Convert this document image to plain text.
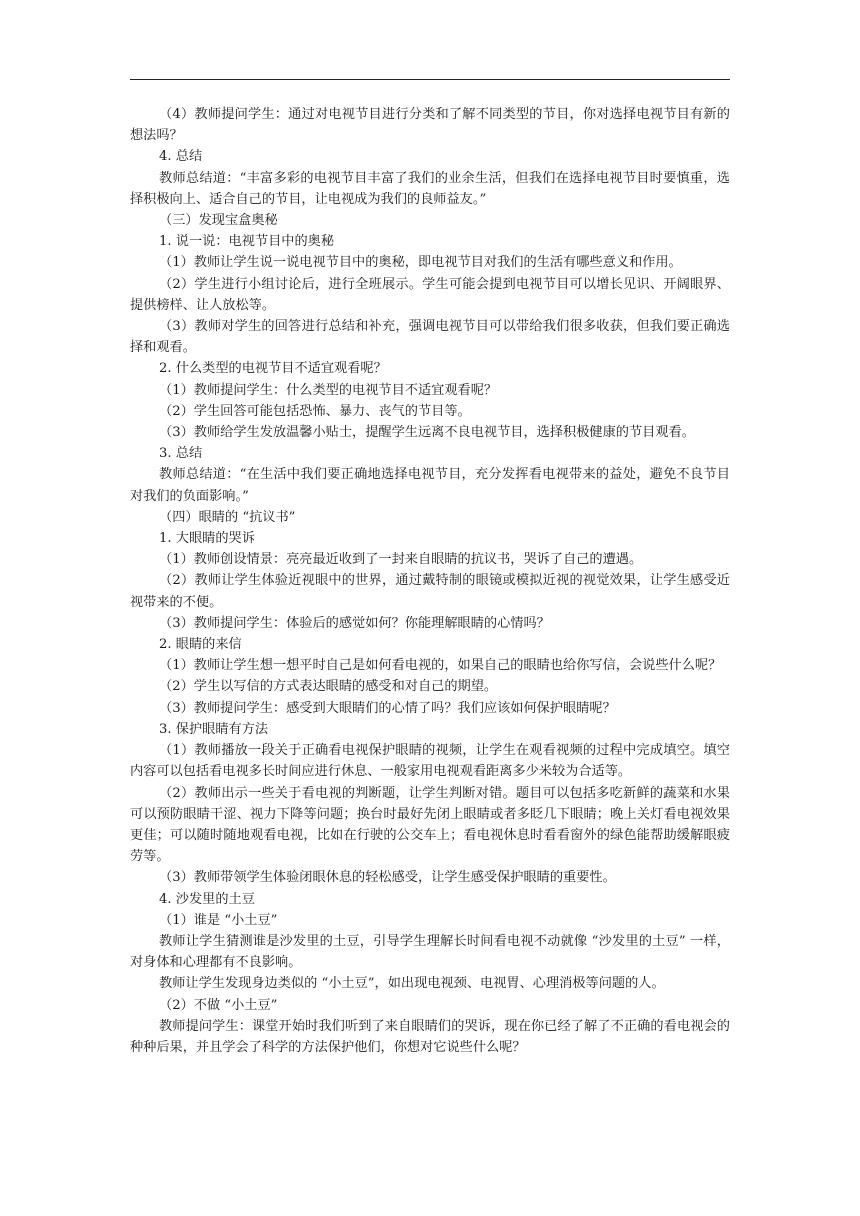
（4）教师提问学生：通过对电视节目进行分类和了解不同类型的节目，你对选择电视节目有新的想法吗？

4. 总结

教师总结道：“丰富多彩的电视节目丰富了我们的业余生活，但我们在选择电视节目时要慎重，选择积极向上、适合自己的节目，让电视成为我们的良师益友。”

（三）发现宝盒奥秘

1. 说一说：电视节目中的奥秘

（1）教师让学生说一说电视节目中的奥秘，即电视节目对我们的生活有哪些意义和作用。

（2）学生进行小组讨论后，进行全班展示。学生可能会提到电视节目可以增长见识、开阔眼界、提供榜样、让人放松等。

（3）教师对学生的回答进行总结和补充，强调电视节目可以带给我们很多收获，但我们要正确选择和观看。

2. 什么类型的电视节目不适宜观看呢？

（1）教师提问学生：什么类型的电视节目不适宜观看呢？

（2）学生回答可能包括恐怖、暴力、丧气的节目等。

（3）教师给学生发放温馨小贴士，提醒学生远离不良电视节目，选择积极健康的节目观看。

3. 总结

教师总结道：“在生活中我们要正确地选择电视节目，充分发挥看电视带来的益处，避免不良节目对我们的负面影响。”

（四）眼睛的 “抗议书”

1. 大眼睛的哭诉

（1）教师创设情景：亮亮最近收到了一封来自眼睛的抗议书，哭诉了自己的遭遇。

（2）教师让学生体验近视眼中的世界，通过戴特制的眼镜或模拟近视的视觉效果，让学生感受近视带来的不便。

（3）教师提问学生：体验后的感觉如何？你能理解眼睛的心情吗？

2. 眼睛的来信

（1）教师让学生想一想平时自己是如何看电视的，如果自己的眼睛也给你写信，会说些什么呢？

（2）学生以写信的方式表达眼睛的感受和对自己的期望。

（3）教师提问学生：感受到大眼睛们的心情了吗？我们应该如何保护眼睛呢？

3. 保护眼睛有方法

（1）教师播放一段关于正确看电视保护眼睛的视频，让学生在观看视频的过程中完成填空。填空内容可以包括看电视多长时间应进行休息、一般家用电视观看距离多少米较为合适等。

（2）教师出示一些关于看电视的判断题，让学生判断对错。题目可以包括多吃新鲜的蔬菜和水果可以预防眼睛干涩、视力下降等问题；换台时最好先闭上眼睛或者多眨几下眼睛；晚上关灯看电视效果更佳；可以随时随地观看电视，比如在行驶的公交车上；看电视休息时看看窗外的绿色能帮助缓解眼疲劳等。

（3）教师带领学生体验闭眼休息的轻松感受，让学生感受保护眼睛的重要性。

4. 沙发里的土豆

（1）谁是 “小土豆”

教师让学生猜测谁是沙发里的土豆，引导学生理解长时间看电视不动就像 “沙发里的土豆” 一样，对身体和心理都有不良影响。

教师让学生发现身边类似的 “小土豆”，如出现电视颈、电视胃、心理消极等问题的人。

（2）不做 “小土豆”

教师提问学生：课堂开始时我们听到了来自眼睛们的哭诉，现在你已经了解了不正确的看电视会的种种后果，并且学会了科学的方法保护他们，你想对它说些什么呢？
